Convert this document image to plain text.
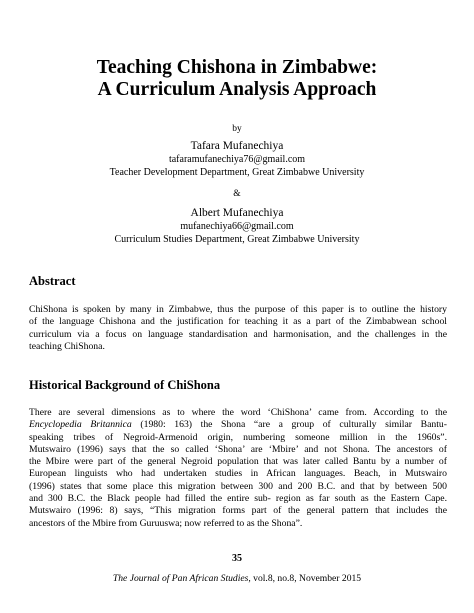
Teaching Chishona in Zimbabwe:
A Curriculum Analysis Approach
by
Tafara Mufanechiya
tafaramufanechiya76@gmail.com
Teacher Development Department, Great Zimbabwe University
&
Albert Mufanechiya
mufanechiya66@gmail.com
Curriculum Studies Department, Great Zimbabwe University
Abstract
ChiShona is spoken by many in Zimbabwe, thus the purpose of this paper is to outline the history
of the language Chishona and the justification for teaching it as a part of the Zimbabwean school
curriculum via a focus on language standardisation and harmonisation, and the challenges in the
teaching ChiShona.
Historical Background of ChiShona
There are several dimensions as to where the word ‘ChiShona’ came from. According to the
Encyclopedia Britannica (1980: 163) the Shona “are a group of culturally similar Bantu-
speaking tribes of Negroid-Armenoid origin, numbering someone million in the 1960s”.
Mutswairo (1996) says that the so called ‘Shona’ are ‘Mbire’ and not Shona. The ancestors of
the Mbire were part of the general Negroid population that was later called Bantu by a number of
European linguists who had undertaken studies in African languages. Beach, in Mutswairo
(1996) states that some place this migration between 300 and 200 B.C. and that by between 500
and 300 B.C. the Black people had filled the entire sub- region as far south as the Eastern Cape.
Mutswairo (1996: 8) says, “This migration forms part of the general pattern that includes the
ancestors of the Mbire from Guruuswa; now referred to as the Shona”.
35
The Journal of Pan African Studies, vol.8, no.8, November 2015
